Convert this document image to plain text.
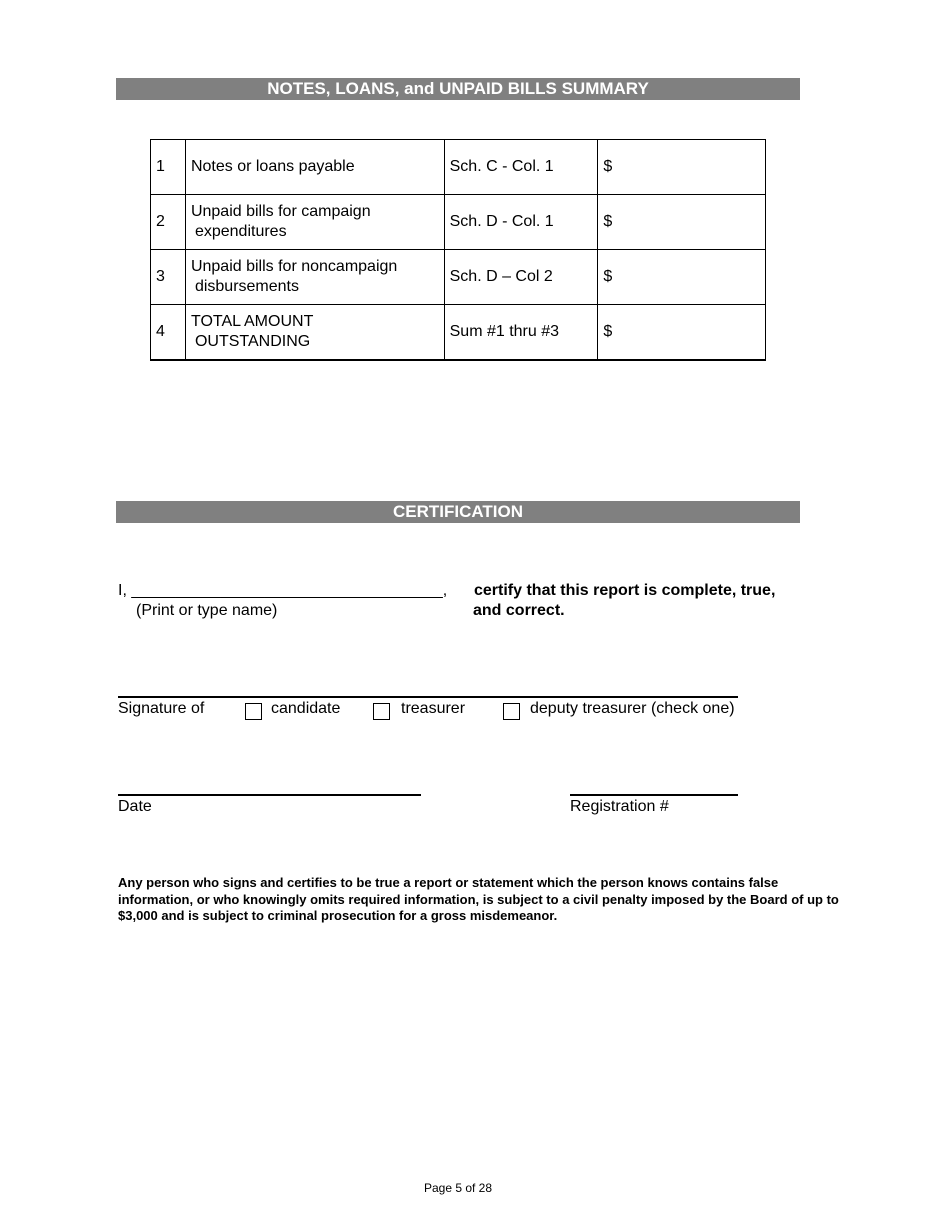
NOTES, LOANS, and UNPAID BILLS SUMMARY
1	Notes or loans payable	Sch. C - Col. 1	$
2	Unpaid bills for campaign
expenditures	Sch. D - Col. 1	$
3	Unpaid bills for noncampaign
disbursements	Sch. D – Col 2	$
4	TOTAL AMOUNT
OUTSTANDING	Sum #1 thru #3	$
CERTIFICATION
I, ___________________________________, certify that this report is complete, true,
(Print or type name)	and correct.
Signature of	candidate	treasurer	deputy treasurer (check one)
Date	Registration #
Any person who signs and certifies to be true a report or statement which the person knows contains false information, or who knowingly omits required information, is subject to a civil penalty imposed by the Board of up to $3,000 and is subject to criminal prosecution for a gross misdemeanor.
Page 5 of 28
